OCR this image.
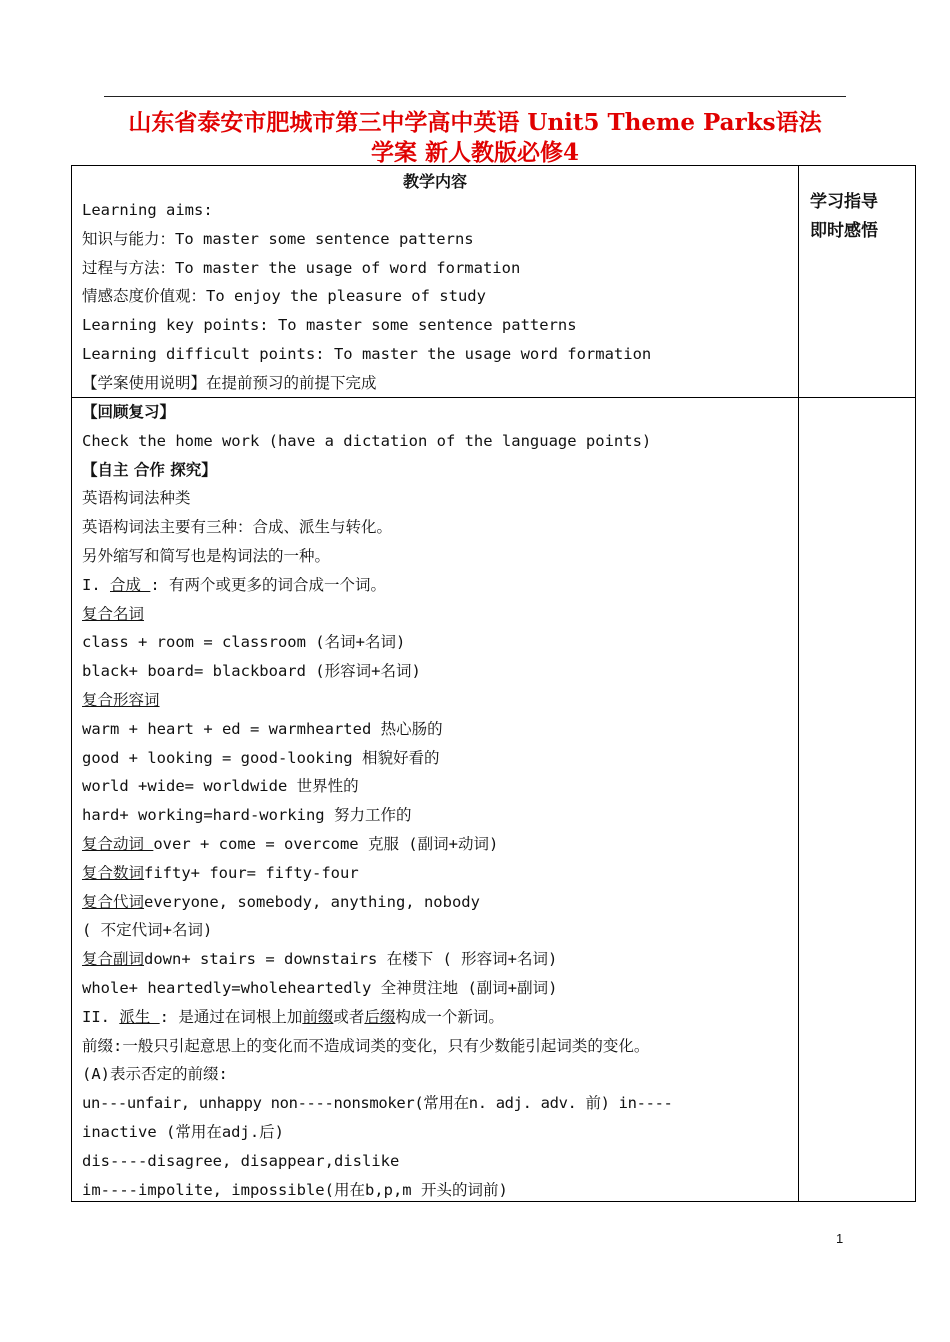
山东省泰安市肥城市第三中学高中英语 Unit5 Theme Parks语法
学案 新人教版必修4
教学内容
学习指导
即时感悟
Learning aims:
知识与能力：To master some sentence patterns
过程与方法：To master the usage of word formation
情感态度价值观：To enjoy the pleasure of study
Learning key points: To master some sentence patterns
Learning difficult points: To master the usage word formation
【学案使用说明】在提前预习的前提下完成
【回顾复习】
Check the home work (have a dictation of the language points)
【自主 合作 探究】
英语构词法种类
英语构词法主要有三种：合成、派生与转化。
另外缩写和简写也是构词法的一种。
I. 合成 : 有两个或更多的词合成一个词。
复合名词
class + room = classroom (名词+名词)
black+ board= blackboard (形容词+名词)
复合形容词
warm + heart + ed = warmhearted 热心肠的
good + looking = good-looking 相貌好看的
world +wide= worldwide 世界性的
hard+ working=hard-working 努力工作的
复合动词 over + come = overcome 克服 (副词+动词)
复合数词fifty+ four= fifty-four
复合代词everyone, somebody, anything, nobody
( 不定代词+名词)
复合副词down+ stairs = downstairs 在楼下 ( 形容词+名词)
whole+ heartedly=wholeheartedly 全神贯注地 (副词+副词)
II. 派生 : 是通过在词根上加前缀或者后缀构成一个新词。
前缀:一般只引起意思上的变化而不造成词类的变化，只有少数能引起词类的变化。
(A)表示否定的前缀:
un---unfair, unhappy non----nonsmoker(常用在n. adj. adv. 前) in----
inactive (常用在adj.后)
dis----disagree, disappear,dislike
im----impolite, impossible(用在b,p,m 开头的词前)
1
